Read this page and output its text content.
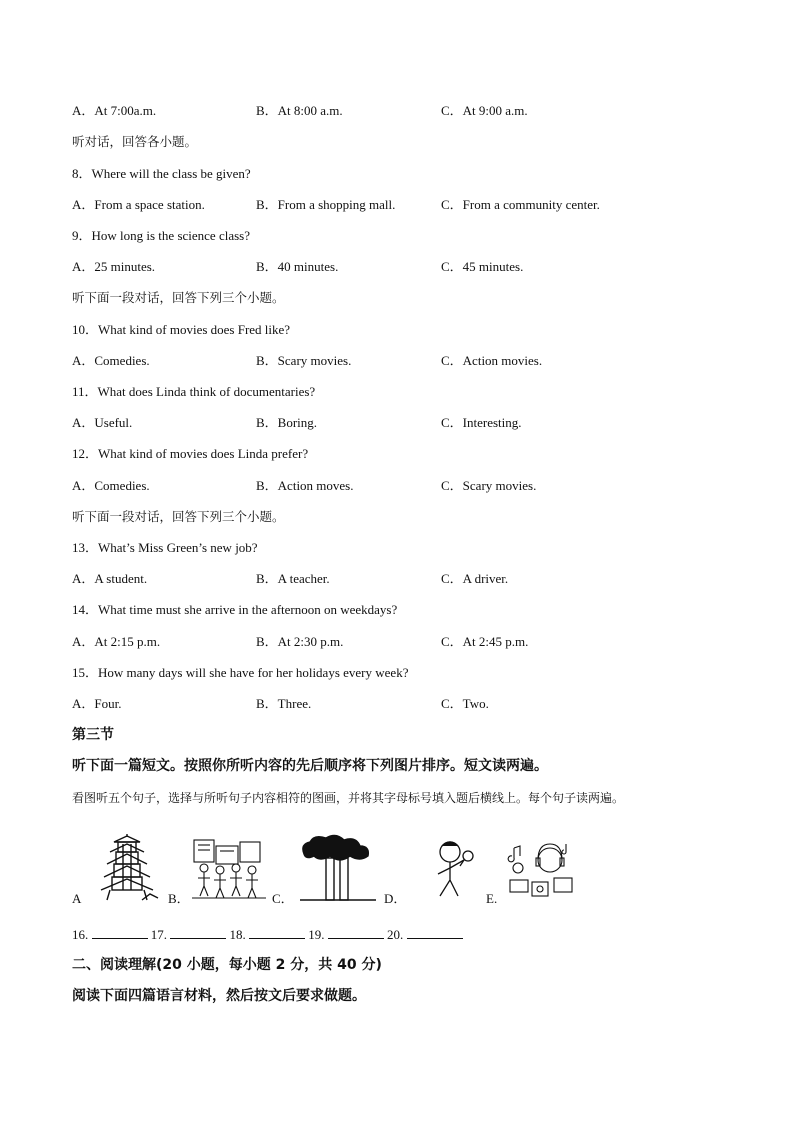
A．At 7:00a.m.	B．At 8:00 a.m.	C．At 9:00 a.m.
听对话，回答各小题。
8．Where will the class be given?
A．From a space station.	B．From a shopping mall.	C．From a community center.
9．How long is the science class?
A．25 minutes.	B．40 minutes.	C．45 minutes.
听下面一段对话，回答下列三个小题。
10．What kind of movies does Fred like?
A．Comedies.	B．Scary movies.	C．Action movies.
11．What does Linda think of documentaries?
A．Useful.	B．Boring.	C．Interesting.
12．What kind of movies does Linda prefer?
A．Comedies.	B．Action moves.	C．Scary movies.
听下面一段对话，回答下列三个小题。
13．What’s Miss Green’s new job?
A．A student.	B．A teacher.	C．A driver.
14．What time must she arrive in the afternoon on weekdays?
A．At 2:15 p.m.	B．At 2:30 p.m.	C．At 2:45 p.m.
15．How many days will she have for her holidays every week?
A．Four.	B．Three.	C．Two.
第三节
听下面一篇短文。按照你所听内容的先后顺序将下列图片排序。短文读两遍。
看图听五个句子，选择与所听句子内容相符的图画，并将其字母标号填入题后横线上。每个句子读两遍。
A	B．	C．	D．	E.
16.	17.	18.	19.	20.
二、阅读理解(20 小题，每小题 2 分，共 40 分)
阅读下面四篇语言材料，然后按文后要求做题。
